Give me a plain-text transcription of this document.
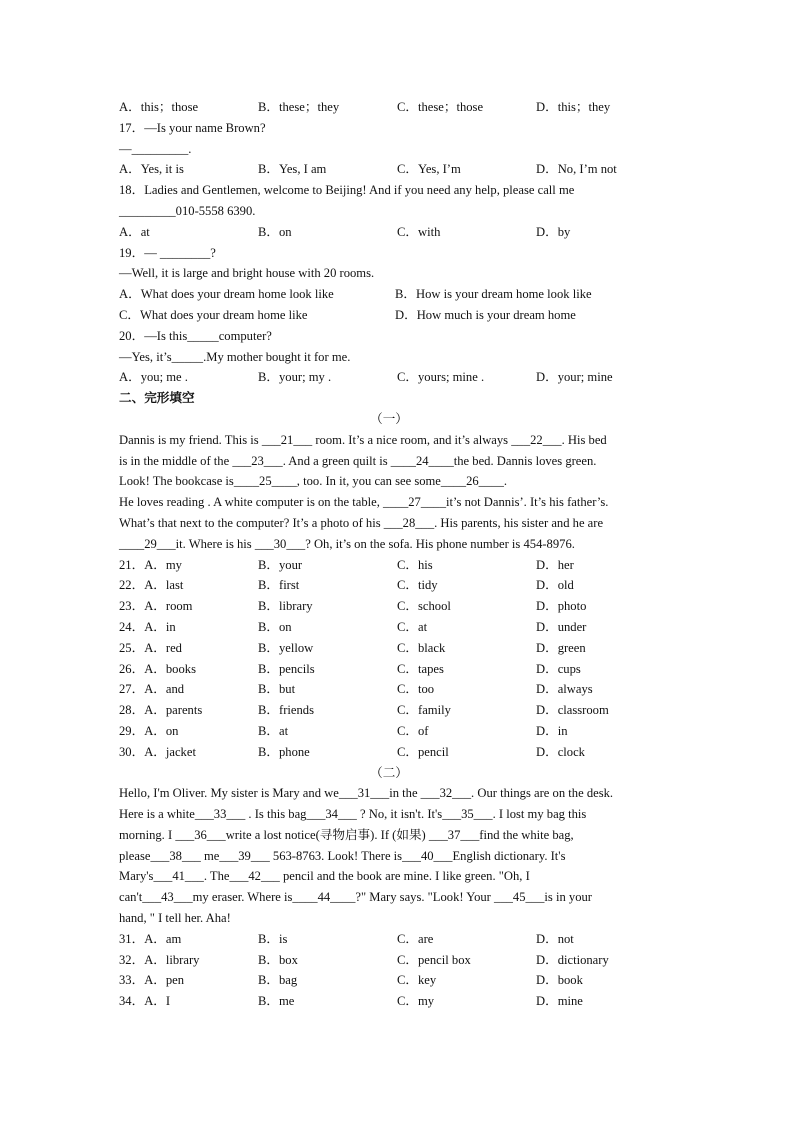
A．this；those	B．these；they	C．these；those	D．this；they
17．—Is your name Brown?
—_________.
A．Yes, it is	B．Yes, I am	C．Yes, I’m	D．No, I’m not
18．Ladies and Gentlemen, welcome to Beijing! And if you need any help, please call me
_________010-5558 6390.
A．at	B．on	C．with	D．by
19．— ________?
—Well, it is large and bright house with 20 rooms.
A．What does your dream home look like	B．How is your dream home look like
C．What does your dream home like	D．How much is your dream home
20．—Is this_____computer?
—Yes, it’s_____.My mother bought it for me.
A．you; me .	B．your; my .	C．yours; mine .	D．your; mine
二、完形填空
（一）
Dannis is my friend. This is ___21___ room. It’s a nice room, and it’s always ___22___. His bed
is in the middle of the ___23___. And a green quilt is ____24____the bed. Dannis loves green.
Look! The bookcase is____25____, too. In it, you can see some____26____.
He loves reading . A white computer is on the table, ____27____it’s not Dannis’. It’s his father’s.
What’s that next to the computer? It’s a photo of his ___28___. His parents, his sister and he are
____29___it. Where is his ___30___? Oh, it’s on the sofa. His phone number is 454-8976.
21．A．my	B．your	C．his	D．her
22．A．last	B．first	C．tidy	D．old
23．A．room	B．library	C．school	D．photo
24．A．in	B．on	C．at	D．under
25．A．red	B．yellow	C．black	D．green
26．A．books	B．pencils	C．tapes	D．cups
27．A．and	B．but	C．too	D．always
28．A．parents	B．friends	C．family	D．classroom
29．A．on	B．at	C．of	D．in
30．A．jacket	B．phone	C．pencil	D．clock
（二）
Hello, I'm Oliver. My sister is Mary and we___31___in the ___32___. Our things are on the desk.
Here is a white___33___ . Is this bag___34___ ? No, it isn't. It's___35___. I lost my bag this
morning. I ___36___write a lost notice(寻物启事). If (如果) ___37___find the white bag,
please___38___ me___39___ 563-8763. Look! There is___40___English dictionary. It's
Mary's___41___. The___42___ pencil and the book are mine. I like green. "Oh, I
can't___43___my eraser. Where is____44____?" Mary says. "Look! Your ___45___is in your
hand, " I tell her. Aha!
31．A．am	B．is	C．are	D．not
32．A．library	B．box	C．pencil box	D．dictionary
33．A．pen	B．bag	C．key	D．book
34．A．I	B．me	C．my	D．mine
